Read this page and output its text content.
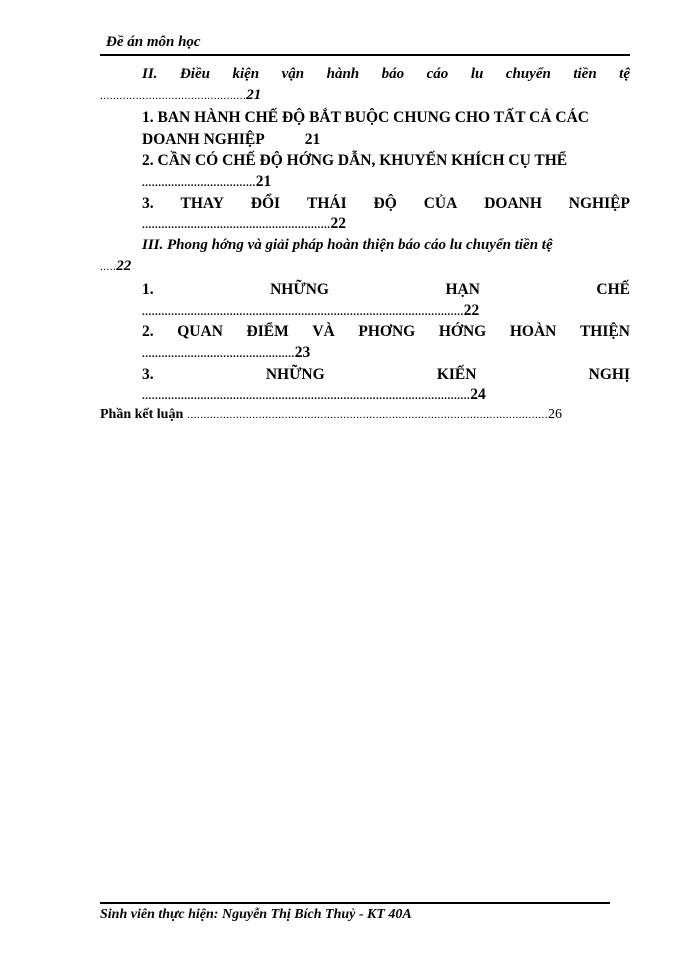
Đề án môn học
II. Điều kiện vận hành báo cáo lu chuyển tiền tệ
.............................................21
1. BAN HÀNH CHẾ ĐỘ BẮT BUỘC CHUNG CHO TẤT CẢ CÁC
DOANH NGHIỆP	21
2. CẦN CÓ CHẾ ĐỘ HỚNG DẪN, KHUYẾN KHÍCH CỤ THỂ
...................................21
3. THAY ĐỔI THÁI ĐỘ CỦA DOANH NGHIỆP
..........................................................22
III. Phong hớng và giải pháp hoàn thiện báo cáo lu chuyển tiền tệ
.....22
1.	NHỮNG	HẠN	CHẾ
...................................................................................................22
2. QUAN ĐIỂM VÀ PHƠNG HỚNG HOÀN THIỆN
...............................................23
3.	NHỮNG	KIẾN	NGHỊ
.....................................................................................................24
Phần kết luận ...............................................................................................................26
Sinh viên thực hiện: Nguyễn Thị Bích Thuỷ - KT 40A
